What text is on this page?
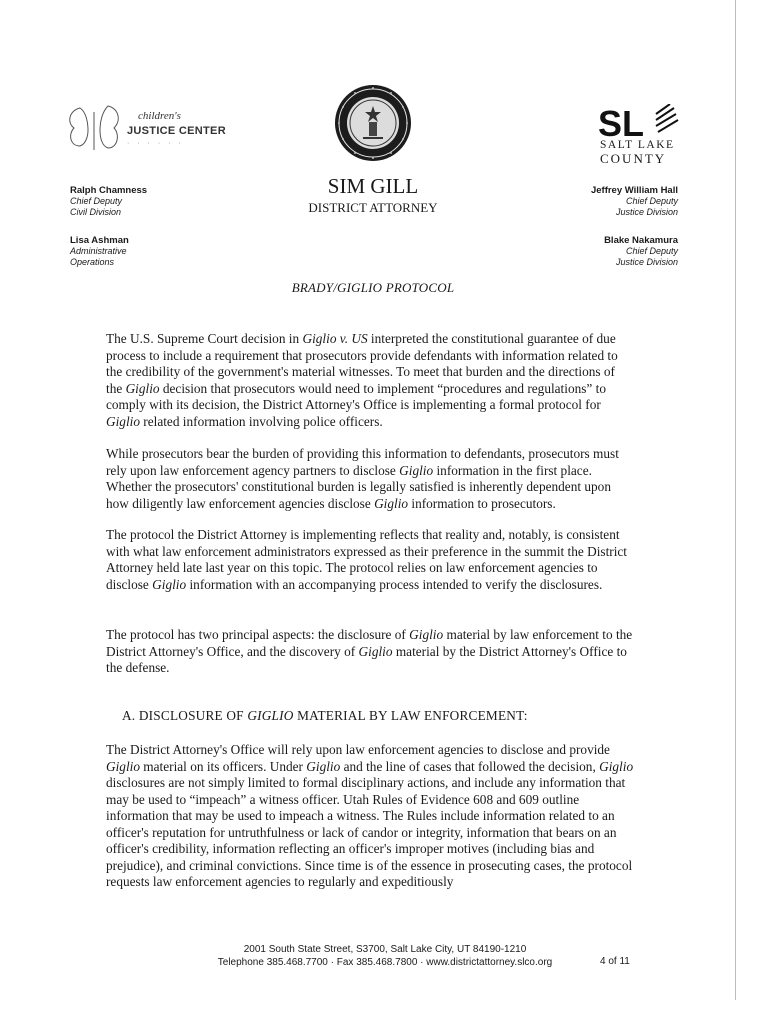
children's
JUSTICE CENTER
· · · · · ·	SL
SALT LAKE
COUNTY
SIM GILL
DISTRICT ATTORNEY
Ralph Chamness
Chief Deputy
Civil Division
Lisa Ashman
Administrative
Operations
Jeffrey William Hall
Chief Deputy
Justice Division
Blake Nakamura
Chief Deputy
Justice Division
BRADY/GIGLIO PROTOCOL

The U.S. Supreme Court decision in Giglio v. US interpreted the constitutional guarantee of due process to include a requirement that prosecutors provide defendants with information related to the credibility of the government's material witnesses. To meet that burden and the directions of the Giglio decision that prosecutors would need to implement “procedures and regulations” to comply with its decision, the District Attorney's Office is implementing a formal protocol for Giglio related information involving police officers.

While prosecutors bear the burden of providing this information to defendants, prosecutors must rely upon law enforcement agency partners to disclose Giglio information in the first place. Whether the prosecutors' constitutional burden is legally satisfied is inherently dependent upon how diligently law enforcement agencies disclose Giglio information to prosecutors.

The protocol the District Attorney is implementing reflects that reality and, notably, is consistent with what law enforcement administrators expressed as their preference in the summit the District Attorney held late last year on this topic. The protocol relies on law enforcement agencies to disclose Giglio information with an accompanying process intended to verify the disclosures.

The protocol has two principal aspects: the disclosure of Giglio material by law enforcement to the District Attorney's Office, and the discovery of Giglio material by the District Attorney's Office to the defense.

A. DISCLOSURE OF GIGLIO MATERIAL BY LAW ENFORCEMENT:

The District Attorney's Office will rely upon law enforcement agencies to disclose and provide Giglio material on its officers. Under Giglio and the line of cases that followed the decision, Giglio disclosures are not simply limited to formal disciplinary actions, and include any information that may be used to “impeach” a witness officer. Utah Rules of Evidence 608 and 609 outline information that may be used to impeach a witness. The Rules include information related to an officer's reputation for untruthfulness or lack of candor or integrity, information that bears on an officer's credibility, information reflecting an officer's improper motives (including bias and prejudice), and criminal convictions. Since time is of the essence in prosecuting cases, the protocol requests law enforcement agencies to regularly and expeditiously

2001 South State Street, S3700, Salt Lake City, UT 84190-1210
Telephone 385.468.7700 · Fax 385.468.7800 · www.districtattorney.slco.org	4 of 11
